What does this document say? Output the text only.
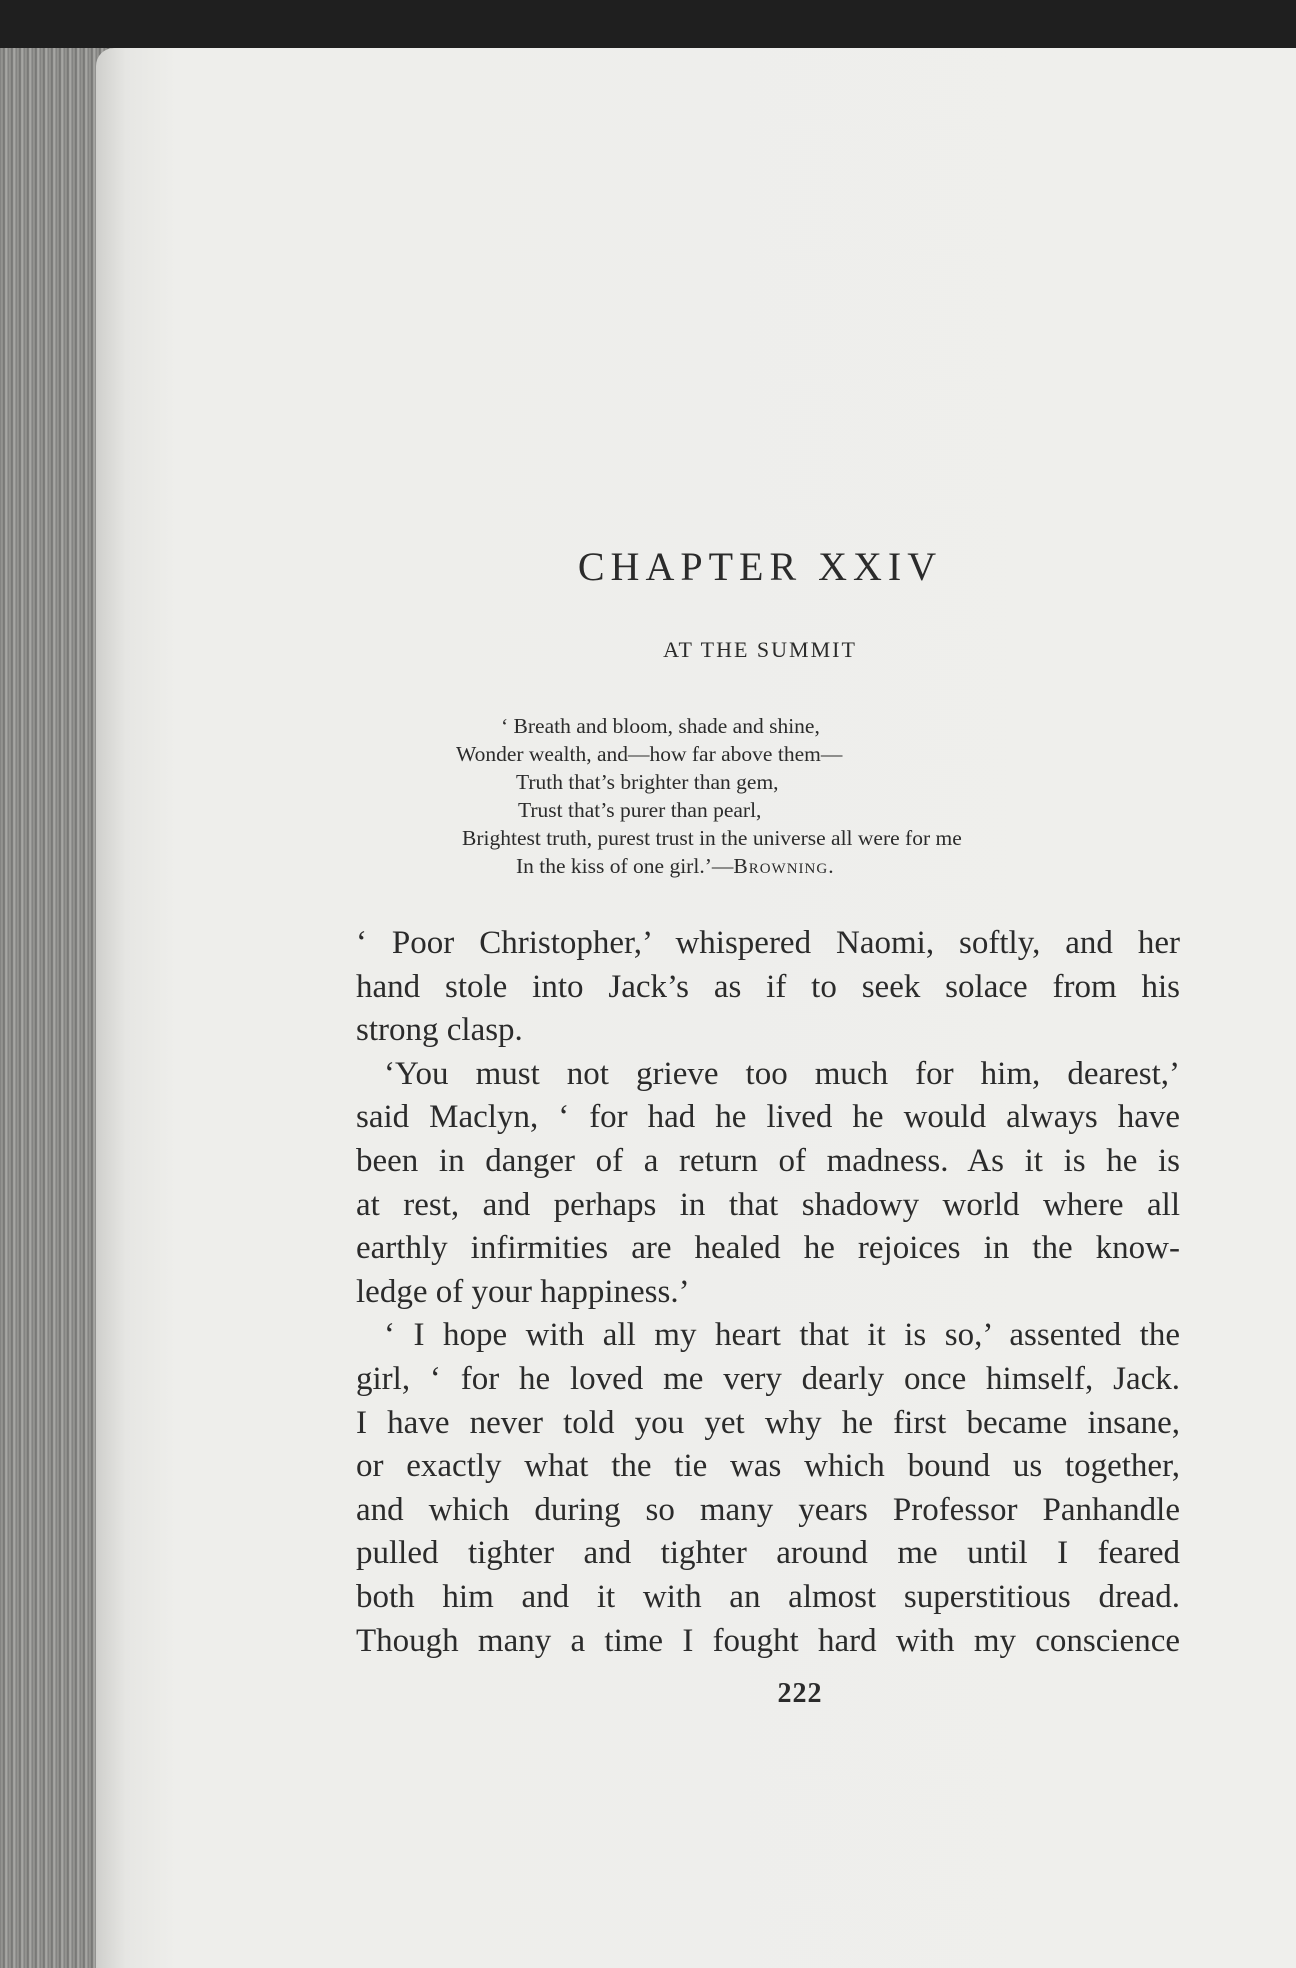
CHAPTER XXIV
AT THE SUMMIT
‘ Breath and bloom, shade and shine,
Wonder wealth, and—how far above them—
Truth that’s brighter than gem,
Trust that’s purer than pearl,
Brightest truth, purest trust in the universe all were for me
In the kiss of one girl.’—Browning.
‘ Poor Christopher,’ whispered Naomi, softly, and her
hand stole into Jack’s as if to seek solace from his
strong clasp.
‘You must not grieve too much for him, dearest,’
said Maclyn, ‘ for had he lived he would always have
been in danger of a return of madness. As it is he is
at rest, and perhaps in that shadowy world where all
earthly infirmities are healed he rejoices in the know-
ledge of your happiness.’
‘ I hope with all my heart that it is so,’ assented the
girl, ‘ for he loved me very dearly once himself, Jack.
I have never told you yet why he first became insane,
or exactly what the tie was which bound us together,
and which during so many years Professor Panhandle
pulled tighter and tighter around me until I feared
both him and it with an almost superstitious dread.
Though many a time I fought hard with my conscience
222
